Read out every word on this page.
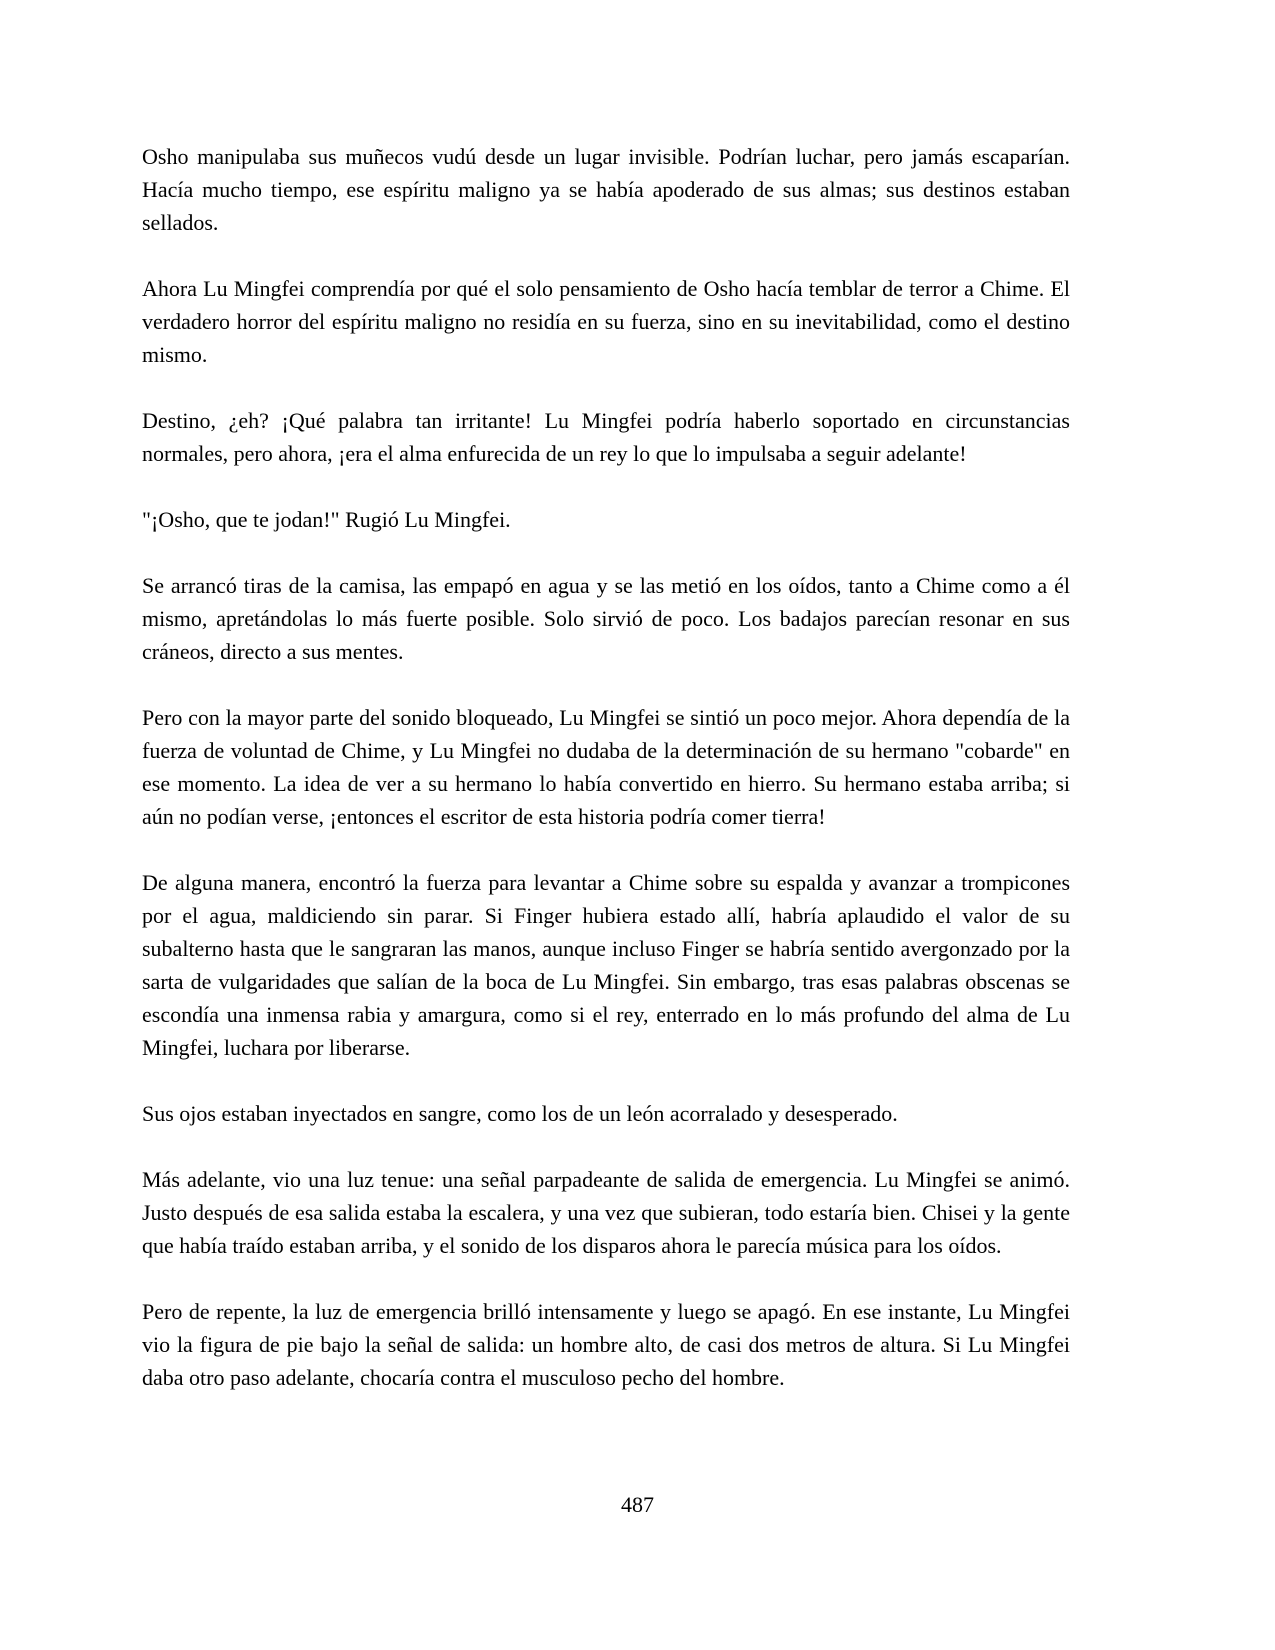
Osho manipulaba sus muñecos vudú desde un lugar invisible. Podrían luchar, pero jamás escaparían. Hacía mucho tiempo, ese espíritu maligno ya se había apoderado de sus almas; sus destinos estaban sellados.

Ahora Lu Mingfei comprendía por qué el solo pensamiento de Osho hacía temblar de terror a Chime. El verdadero horror del espíritu maligno no residía en su fuerza, sino en su inevitabilidad, como el destino mismo.

Destino, ¿eh? ¡Qué palabra tan irritante! Lu Mingfei podría haberlo soportado en circunstancias normales, pero ahora, ¡era el alma enfurecida de un rey lo que lo impulsaba a seguir adelante!

"¡Osho, que te jodan!" Rugió Lu Mingfei.

Se arrancó tiras de la camisa, las empapó en agua y se las metió en los oídos, tanto a Chime como a él mismo, apretándolas lo más fuerte posible. Solo sirvió de poco. Los badajos parecían resonar en sus cráneos, directo a sus mentes.

Pero con la mayor parte del sonido bloqueado, Lu Mingfei se sintió un poco mejor. Ahora dependía de la fuerza de voluntad de Chime, y Lu Mingfei no dudaba de la determinación de su hermano "cobarde" en ese momento. La idea de ver a su hermano lo había convertido en hierro. Su hermano estaba arriba; si aún no podían verse, ¡entonces el escritor de esta historia podría comer tierra!

De alguna manera, encontró la fuerza para levantar a Chime sobre su espalda y avanzar a trompicones por el agua, maldiciendo sin parar. Si Finger hubiera estado allí, habría aplaudido el valor de su subalterno hasta que le sangraran las manos, aunque incluso Finger se habría sentido avergonzado por la sarta de vulgaridades que salían de la boca de Lu Mingfei. Sin embargo, tras esas palabras obscenas se escondía una inmensa rabia y amargura, como si el rey, enterrado en lo más profundo del alma de Lu Mingfei, luchara por liberarse.

Sus ojos estaban inyectados en sangre, como los de un león acorralado y desesperado.

Más adelante, vio una luz tenue: una señal parpadeante de salida de emergencia. Lu Mingfei se animó. Justo después de esa salida estaba la escalera, y una vez que subieran, todo estaría bien. Chisei y la gente que había traído estaban arriba, y el sonido de los disparos ahora le parecía música para los oídos.

Pero de repente, la luz de emergencia brilló intensamente y luego se apagó. En ese instante, Lu Mingfei vio la figura de pie bajo la señal de salida: un hombre alto, de casi dos metros de altura. Si Lu Mingfei daba otro paso adelante, chocaría contra el musculoso pecho del hombre.

487
